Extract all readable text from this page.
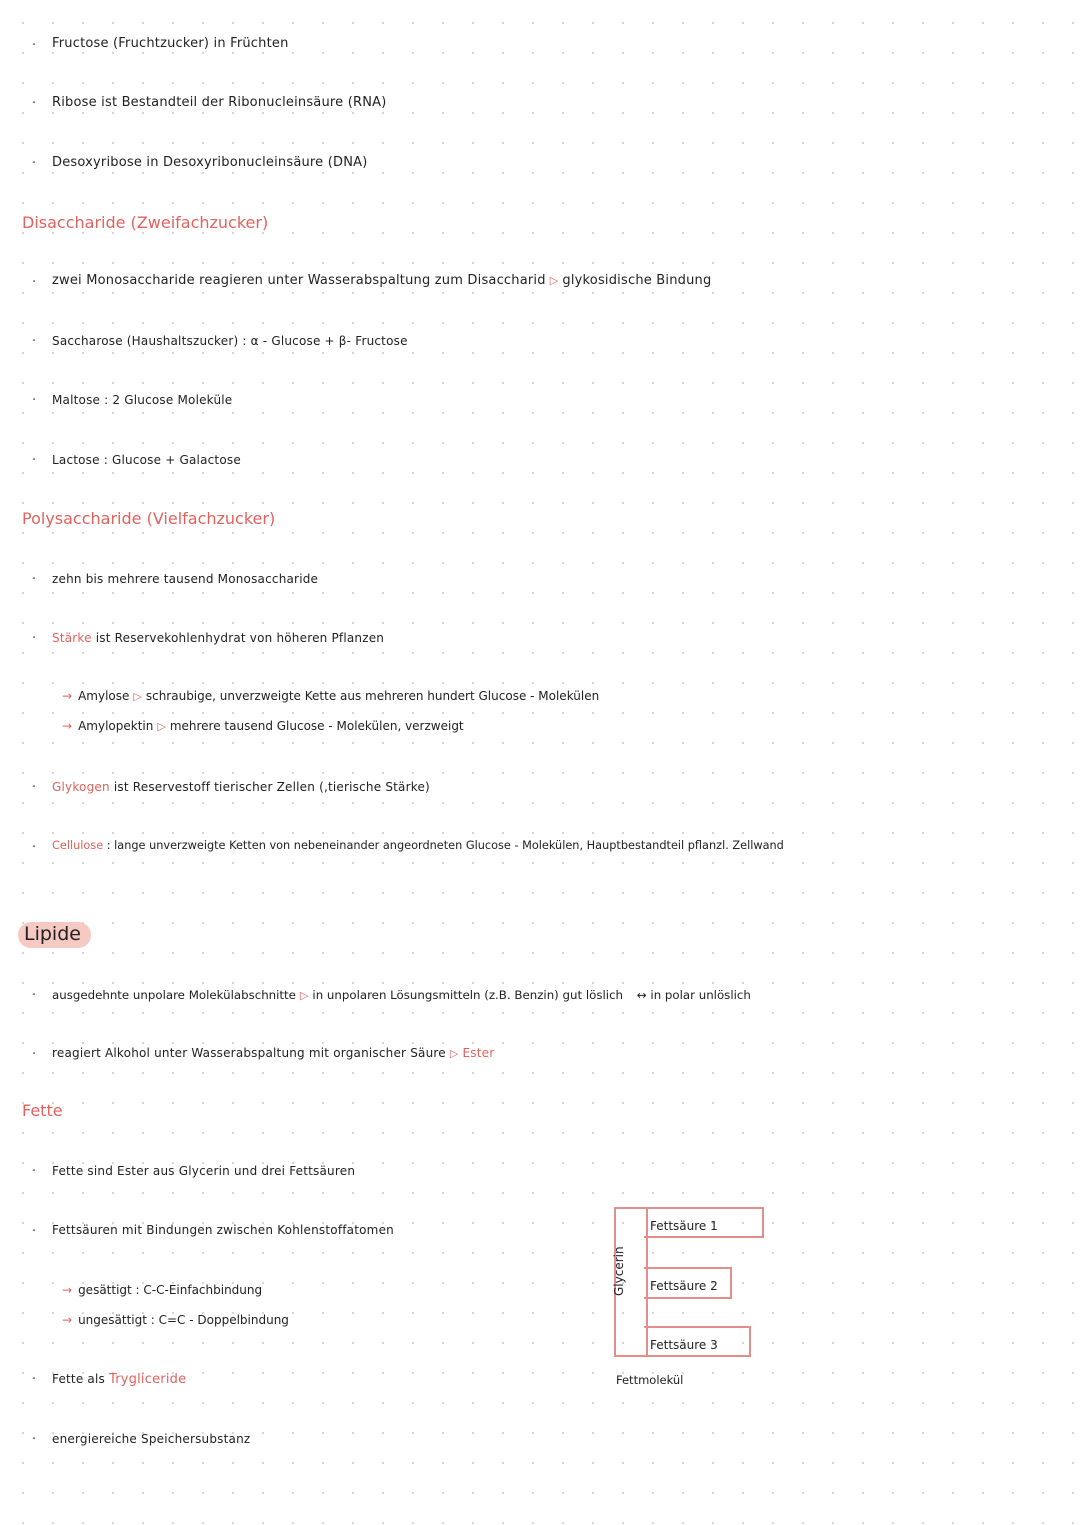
· Fructose (Fruchtzucker) in Früchten
· Ribose ist Bestandteil der Ribonucleinsäure (RNA)
· Desoxyribose in Desoxyribonucleinsäure (DNA)
Disaccharide (Zweifachzucker)
· zwei Monosaccharide reagieren unter Wasserabspaltung zum Disaccharid ▷ glykosidische Bindung
· Saccharose (Haushaltszucker) : α - Glucose + β- Fructose
· Maltose : 2 Glucose Moleküle
· Lactose : Glucose + Galactose
Polysaccharide (Vielfachzucker)
· zehn bis mehrere tausend Monosaccharide
· Stärke ist Reservekohlenhydrat von höheren Pflanzen
→ Amylose ▷ schraubige, unverzweigte Kette aus mehreren hundert Glucose - Molekülen
→ Amylopektin ▷ mehrere tausend Glucose - Molekülen, verzweigt
· Glykogen ist Reservestoff tierischer Zellen (,tierische Stärke)
· Cellulose : lange unverzweigte Ketten von nebeneinander angeordneten Glucose - Molekülen, Hauptbestandteil pflanzl. Zellwand
Lipide
· ausgedehnte unpolare Molekülabschnitte ▷ in unpolaren Lösungsmitteln (z.B. Benzin) gut löslich ↔ in polar unlöslich
· reagiert Alkohol unter Wasserabspaltung mit organischer Säure ▷ Ester
Fette
· Fette sind Ester aus Glycerin und drei Fettsäuren
· Fettsäuren mit Bindungen zwischen Kohlenstoffatomen
→ gesättigt : C-C-Einfachbindung
→ ungesättigt : C=C - Doppelbindung
· Fette als Trygliceride
· energiereiche Speichersubstanz
Glycerin
Fettsäure 1
Fettsäure 2
Fettsäure 3
Fettmolekül
